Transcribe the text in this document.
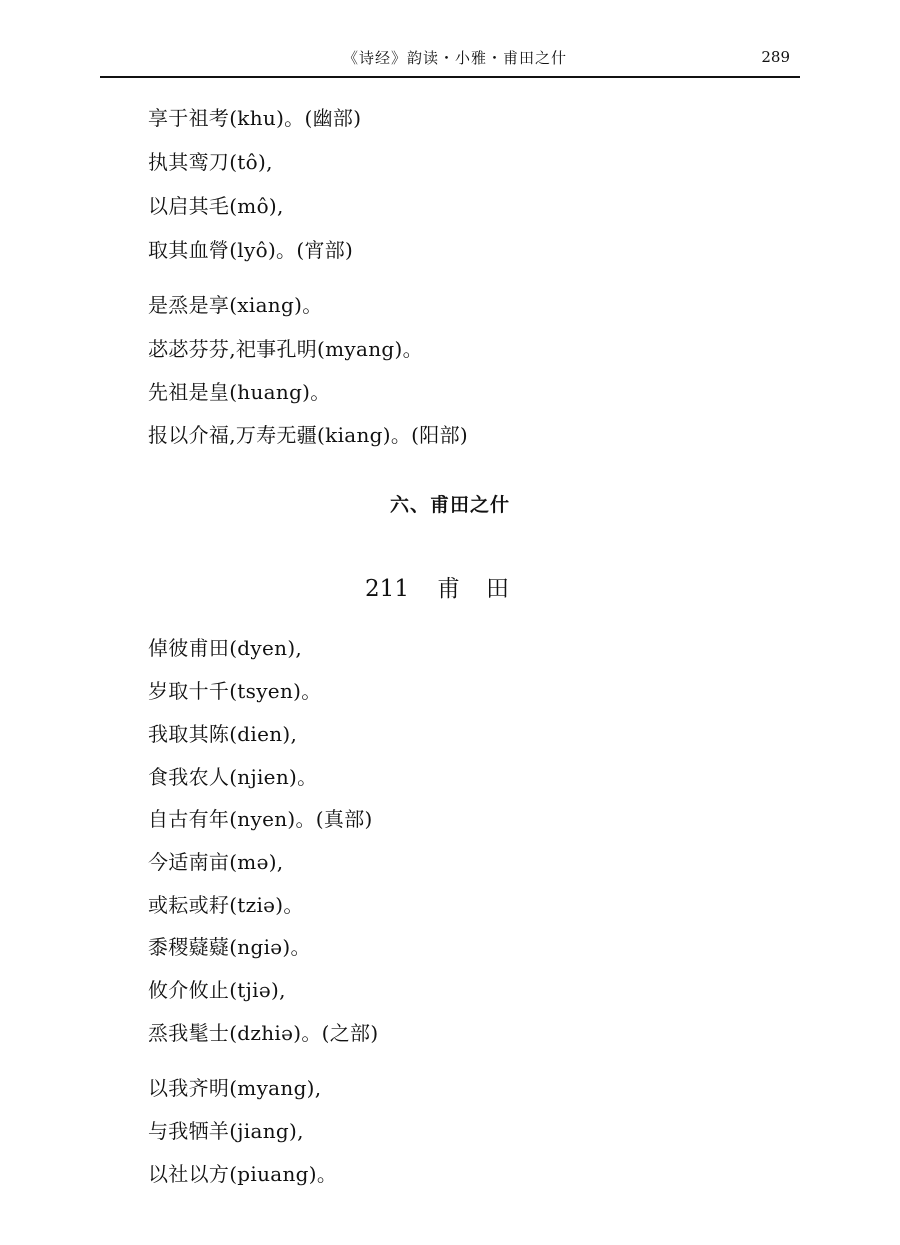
《诗经》韵读・小雅・甫田之什	289
享于祖考(khu)。(幽部)
执其鸾刀(tô),
以启其毛(mô),
取其血膋(lyô)。(宵部)
是烝是享(xiang)。
苾苾芬芬,祀事孔明(myang)。
先祖是皇(huang)。
报以介福,万寿无疆(kiang)。(阳部)
六、甫田之什
211 甫田
倬彼甫田(dyen),
岁取十千(tsyen)。
我取其陈(dien),
食我农人(njien)。
自古有年(nyen)。(真部)
今适南亩(mə),
或耘或耔(tziə)。
黍稷薿薿(ngiə)。
攸介攸止(tjiə),
烝我髦士(dzhiə)。(之部)
以我齐明(myang),
与我牺羊(jiang),
以社以方(piuang)。
